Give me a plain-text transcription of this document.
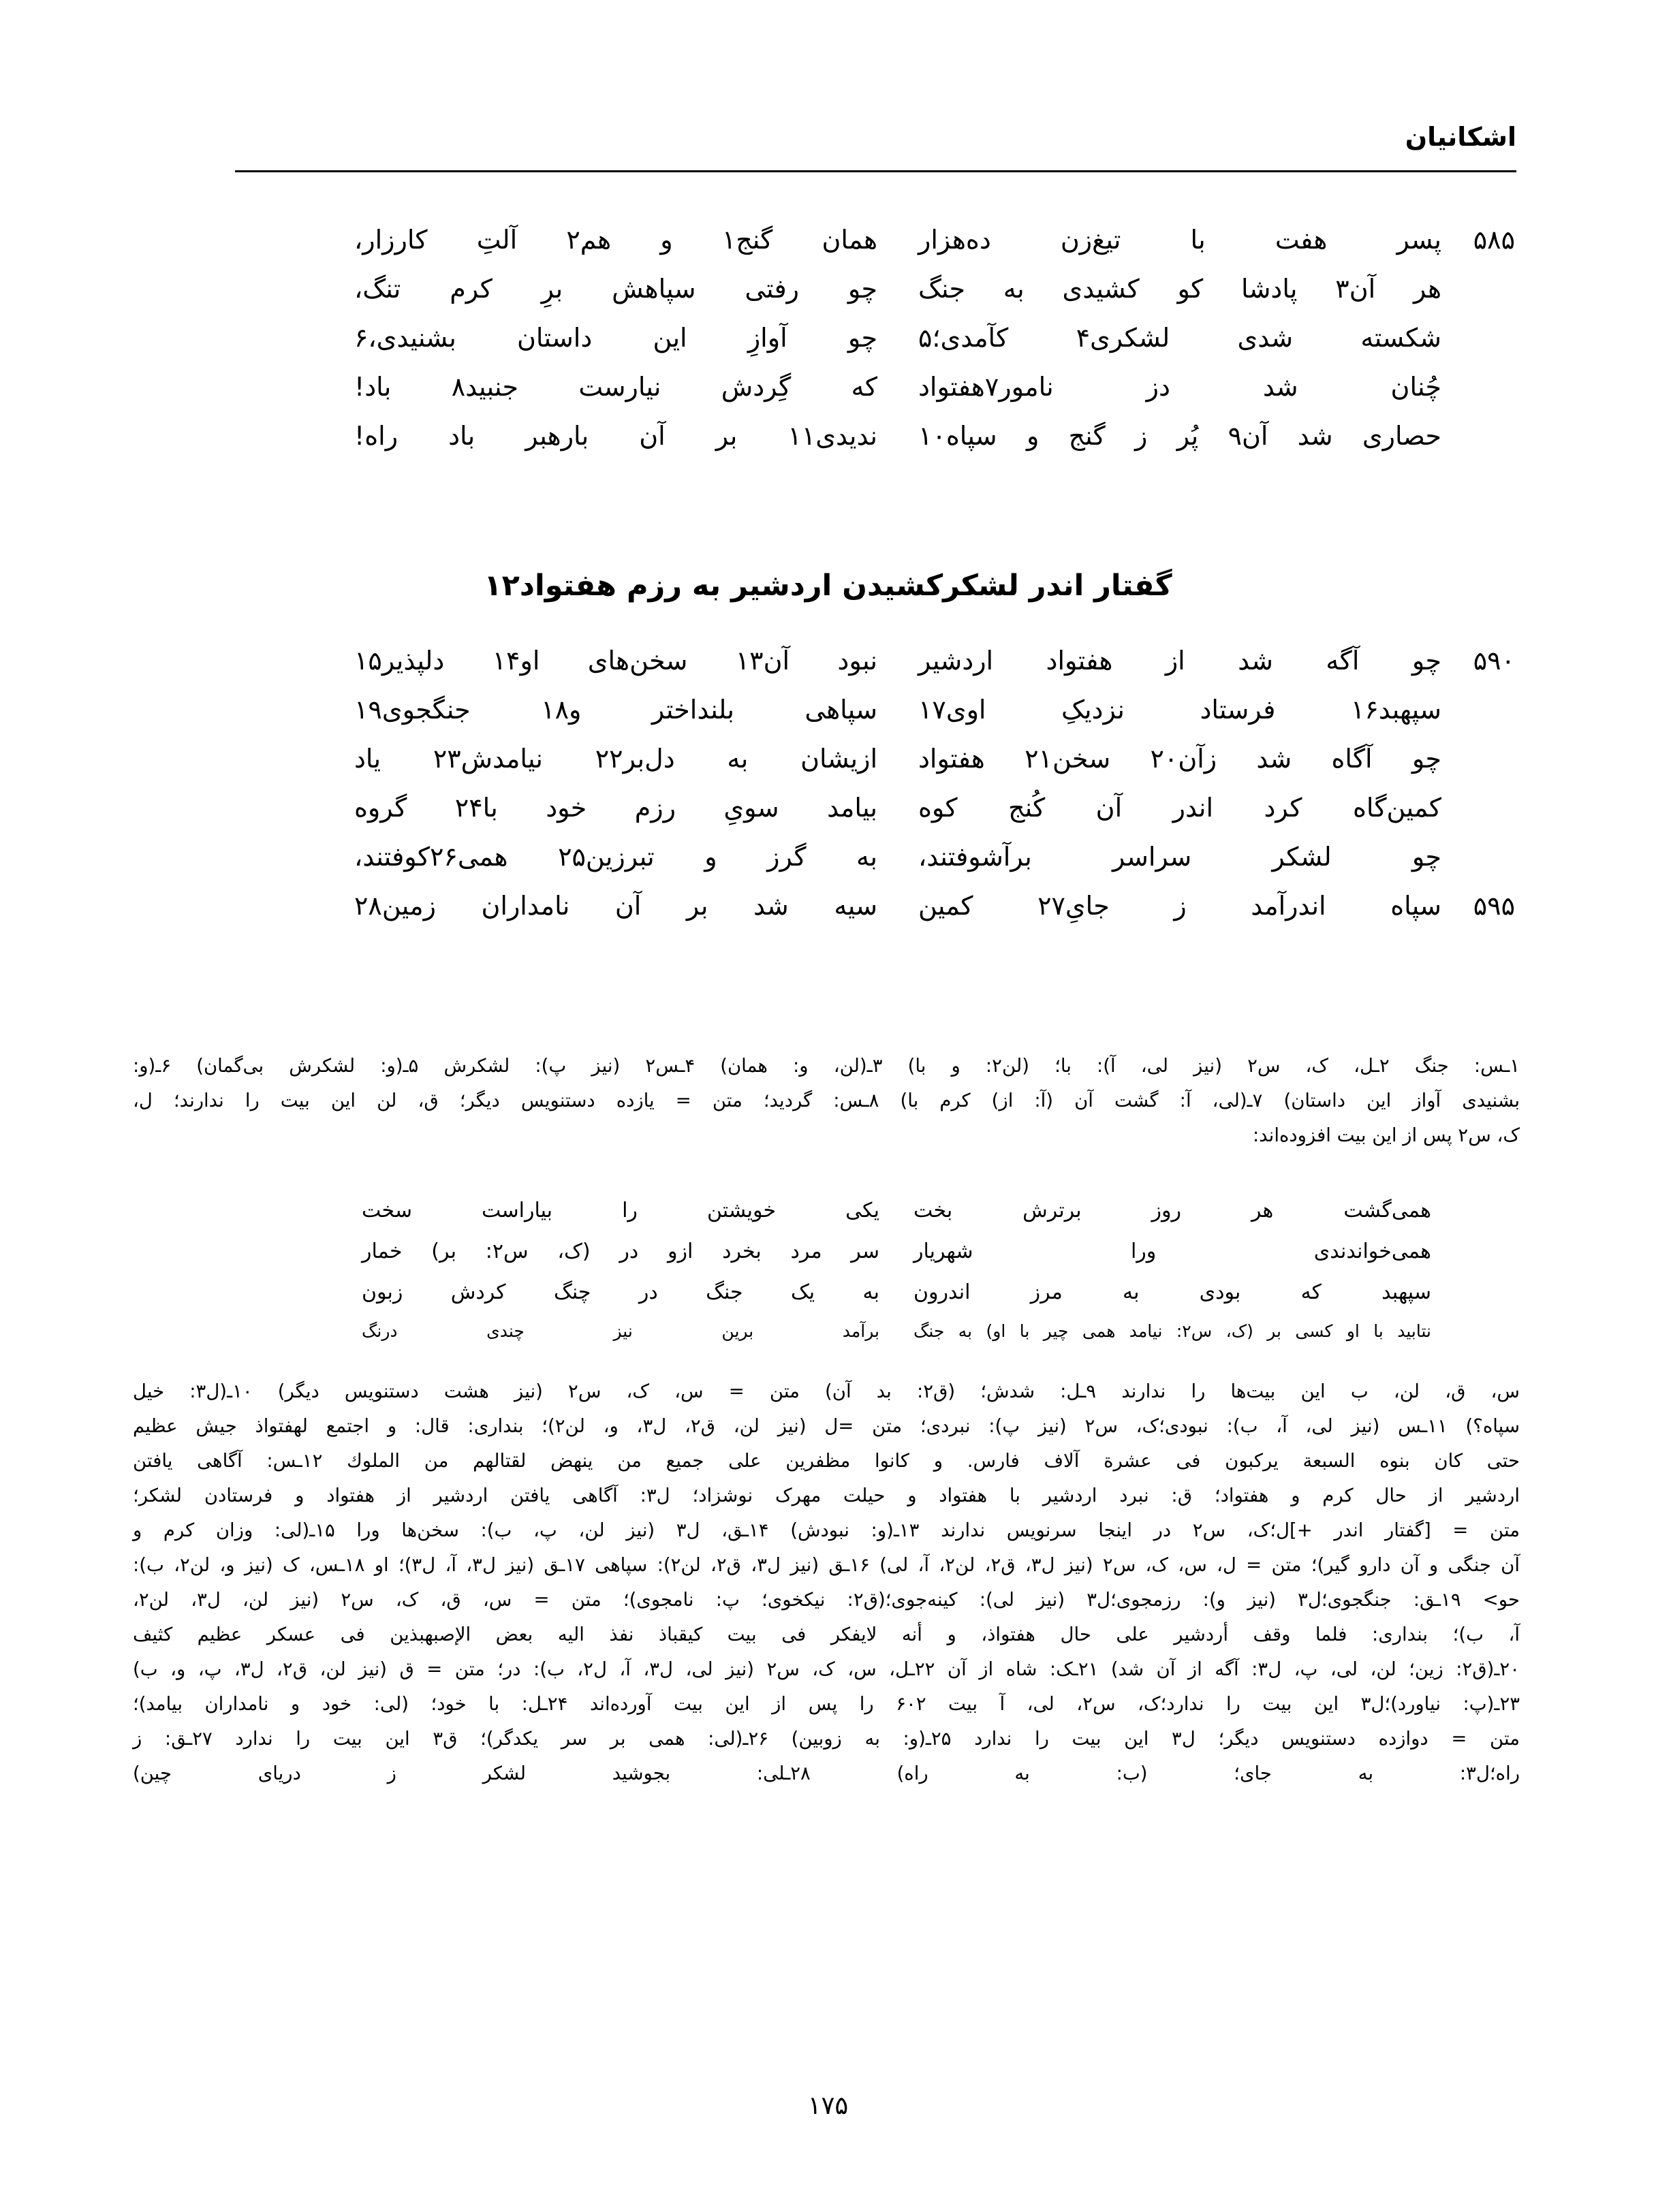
اشکانیان
۵۸۵
پسر هفت با تیغ‌زن ده‌هزار
همان گنج۱ و هم۲ آلتِ کارزار،
هر آن۳ پادشا کو کشیدی به جنگ
چو رفتی سپاهش برِ کرم تنگ،
شکسته شدی لشکری۴ کآمدی؛۵
چو آوازِ این داستان بشنیدی،۶
چُنان شد دز نامور۷هفتواد
که گِردش نیارست جنبید۸ باد!
حصاری شد آن۹ پُر ز گنج و سپاه۱۰
ندیدی۱۱ بر آن بارهبر باد راه!
گفتار اندر لشکرکشیدن اردشیر به رزم هفتواد۱۲
۵۹۰
چو آگه شد از هفتواد اردشیر
نبود آن۱۳ سخن‌های او۱۴ دلپذیر۱۵
سپهبد۱۶ فرستاد نزدیکِ اوی۱۷
سپاهی بلنداختر و۱۸ جنگجوی۱۹
چو آگاه شد زآن۲۰ سخن۲۱ هفتواد
ازیشان به دل‌بر۲۲ نیامدش۲۳ یاد
کمین‌گاه کرد اندر آن کُنج کوه
بیامد سویِ رزم خود با۲۴ گروه
چو لشکر سراسر برآشوفتند،
به گرز و تبرزین۲۵ همی۲۶کوفتند،
۵۹۵
سپاه اندرآمد ز جایِ۲۷ کمین
سیه شد بر آن نامداران زمین۲۸

۱ـس: جنگ ۲ـل، ک، س۲ (نیز لی، آ): با؛ (لن۲: و با) ۳ـ(لن، و: همان) ۴ـس۲ (نیز پ): لشکرش ۵ـ(و: لشکرش بی‌گمان) ۶ـ(و:

بشنیدی آواز این داستان) ۷ـ(لی، آ: گشت آن (آ: از) کرم با) ۸ـس: گردید؛ متن = یازده دستنویس دیگر؛ ق، لن این بیت را ندارند؛ ل،

ک، س۲ پس از این بیت افزوده‌اند:

همی‌گشت هر روز برترش بخت
یکی خویشتن را بیاراست سخت
همی‌خواندندی ورا شهریار
سر مرد بخرد ازو در (ک، س۲: بر) خمار
سپهبد که بودی به مرز اندرون
به یک جنگ در چنگ کردش زبون
نتابید با او کسی بر (ک، س۲: نیامد همی چیر با او) به جنگ
برآمد برین نیز چندی درنگ

س، ق، لن، ب این بیت‌ها را ندارند ۹ـل: شدش؛ (ق۲: بد آن) متن = س، ک، س۲ (نیز هشت دستنویس دیگر) ۱۰ـ(ل۳: خیل

سپاه؟) ۱۱ـس (نیز لی، آ، ب): نبودی؛ک، س۲ (نیز پ): نبردی؛ متن =ل (نیز لن، ق۲، ل۳، و، لن۲)؛ بنداری: قال: و اجتمع لهفتواذ جیش عظیم

حتی کان بنوه السبعة یرکبون فی عشرة آلاف فارس. و کانوا مظفرین علی جمیع من ینهض لقتالهم من الملوك ۱۲ـس: آگاهی یافتن

اردشیر از حال کرم و هفتواد؛ ق: نبرد اردشیر با هفتواد و حیلت مهرک نوشزاد؛ ل۳: آگاهی یافتن اردشیر از هفتواد و فرستادن لشکر؛

متن = [گفتار اندر +]ل؛ک، س۲ در اینجا سرنویس ندارند ۱۳ـ(و: نبودش) ۱۴ـق، ل۳ (نیز لن، پ، ب): سخن‌ها ورا ۱۵ـ(لی: وزان کرم و

آن جنگی و آن دارو گیر)؛ متن = ل، س، ک، س۲ (نیز ل۳، ق۲، لن۲، آ، لی) ۱۶ـق (نیز ل۳، ق۲، لن۲): سپاهی ۱۷ـق (نیز ل۳، آ، ل۳)؛ او ۱۸ـس، ک (نیز و، لن۲، ب):

حو> ۱۹ـق: جنگجوی؛ل۳ (نیز و): رزمجوی؛ل۳ (نیز لی): کینه‌جوی؛(ق۲: نیکخوی؛ پ: نامجوی)؛ متن = س، ق، ک، س۲ (نیز لن، ل۳، لن۲،

آ، ب)؛ بنداری: فلما وقف أردشیر علی حال هفتواذ، و أنه لایفکر فی بیت کیقباذ نفذ الیه بعض الإصبهبذین فی عسکر عظیم کثیف

۲۰ـ(ق۲: زین؛ لن، لی، پ، ل۳: آگه از آن شد) ۲۱ـک: شاه از آن ۲۲ـل، س، ک، س۲ (نیز لی، ل۳، آ، ل۲، ب): در؛ متن = ق (نیز لن، ق۲، ل۳، پ، و، ب)

۲۳ـ(پ: نیاورد)؛ل۳ این بیت را ندارد؛ک، س۲، لی، آ بیت ۶۰۲ را پس از این بیت آورده‌اند ۲۴ـل: با خود؛ (لی: خود و نامداران بیامد)؛

متن = دوازده دستنویس دیگر؛ ل۳ این بیت را ندارد ۲۵ـ(و: به زوبین) ۲۶ـ(لی: همی بر سر یکدگر)؛ ق۳ این بیت را ندارد ۲۷ـق: ز

راه؛ل۳: به جای؛ (ب: به راه) ۲۸ـلی: بجوشید لشکر ز دریای چین)

۱۷۵
